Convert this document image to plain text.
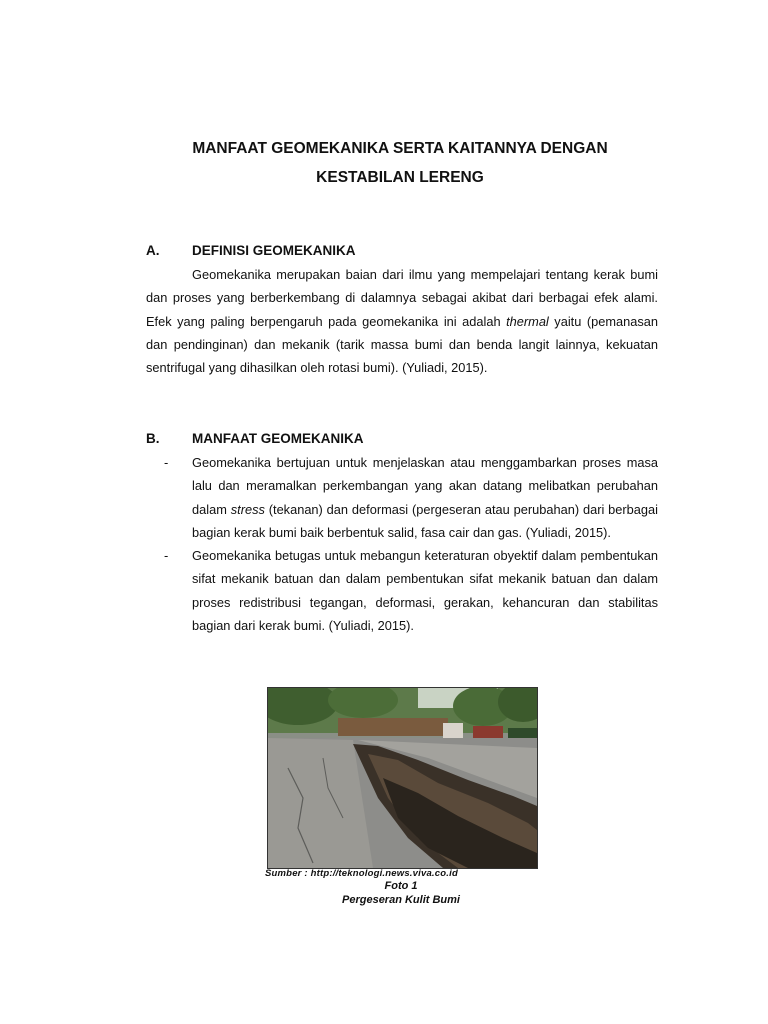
MANFAAT GEOMEKANIKA SERTA KAITANNYA DENGAN
KESTABILAN LERENG
A. DEFINISI GEOMEKANIKA

Geomekanika merupakan baian dari ilmu yang mempelajari tentang kerak bumi dan proses yang berberkembang di dalamnya sebagai akibat dari berbagai efek alami. Efek yang paling berpengaruh pada geomekanika ini adalah thermal yaitu (pemanasan dan pendinginan) dan mekanik (tarik massa bumi dan benda langit lainnya, kekuatan sentrifugal yang dihasilkan oleh rotasi bumi). (Yuliadi, 2015).

B. MANFAAT GEOMEKANIKA
- Geomekanika bertujuan untuk menjelaskan atau menggambarkan proses masa lalu dan meramalkan perkembangan yang akan datang melibatkan perubahan dalam stress (tekanan) dan deformasi (pergeseran atau perubahan) dari berbagai bagian kerak bumi baik berbentuk salid, fasa cair dan gas. (Yuliadi, 2015).
- Geomekanika betugas untuk mebangun keteraturan obyektif dalam pembentukan sifat mekanik batuan dan dalam pembentukan sifat mekanik batuan dan dalam proses redistribusi tegangan, deformasi, gerakan, kehancuran dan stabilitas bagian dari kerak bumi. (Yuliadi, 2015).
Sumber : http://teknologi.news.viva.co.id
Foto 1
Pergeseran Kulit Bumi
